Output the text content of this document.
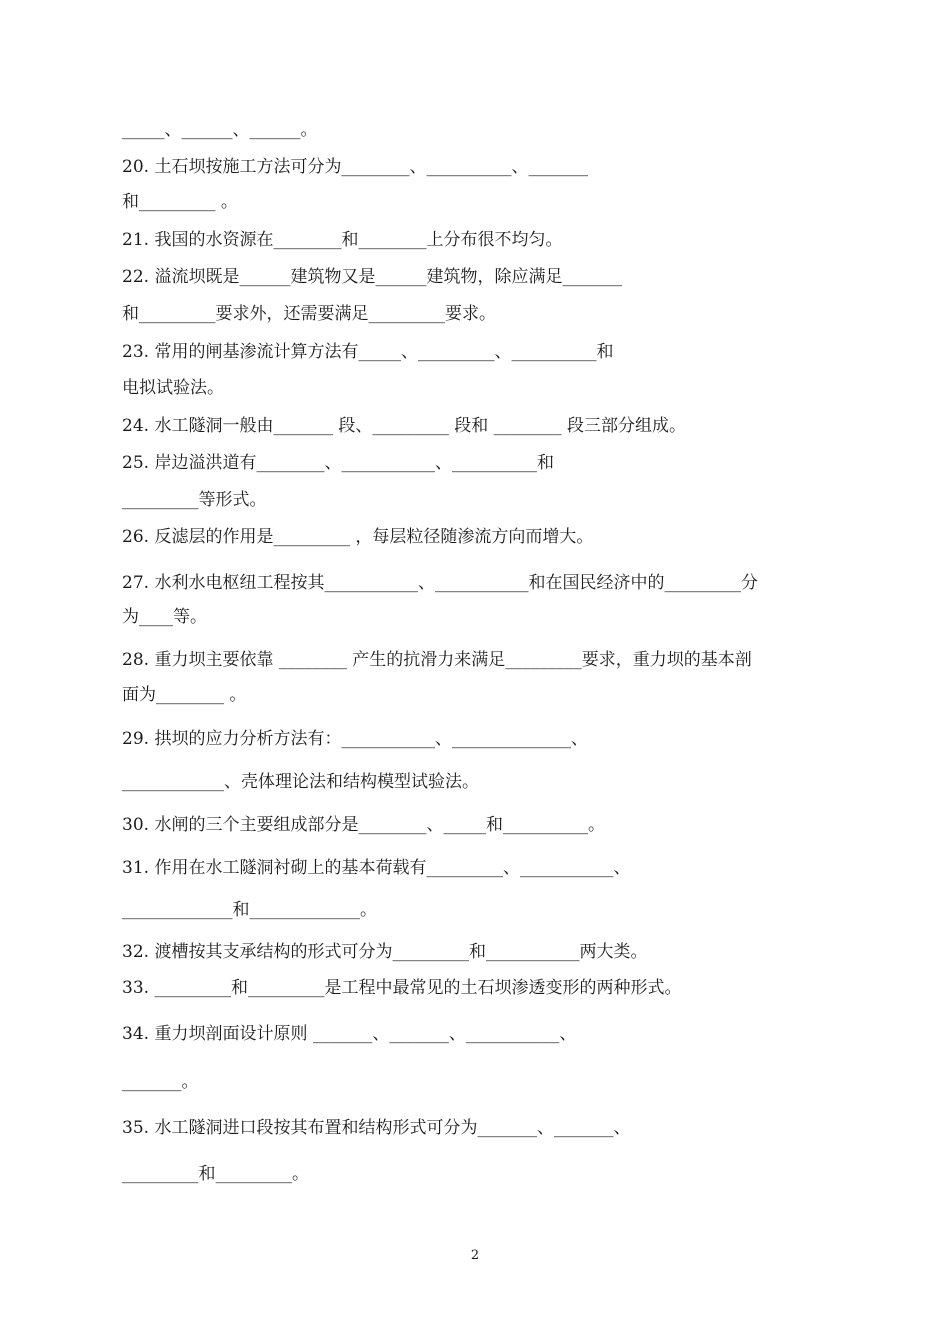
_____、______、______。
20. 土石坝按施工方法可分为________、__________、_______
和_________ 。
21. 我国的水资源在________和________上分布很不均匀。
22. 溢流坝既是______建筑物又是______建筑物，除应满足_______
和_________要求外，还需要满足_________要求。
23. 常用的闸基渗流计算方法有_____、_________、__________和
电拟试验法。
24. 水工隧洞一般由_______ 段、_________ 段和 ________ 段三部分组成。
25. 岸边溢洪道有________、___________、__________和
_________等形式。
26. 反滤层的作用是_________ ，每层粒径随渗流方向而增大。
27. 水利水电枢纽工程按其___________、___________和在国民经济中的_________分
为____等。
28. 重力坝主要依靠 ________ 产生的抗滑力来满足_________要求，重力坝的基本剖
面为________ 。
29. 拱坝的应力分析方法有：___________、______________、
____________、壳体理论法和结构模型试验法。
30. 水闸的三个主要组成部分是________、_____和__________。
31. 作用在水工隧洞衬砌上的基本荷载有_________、___________、
_____________和_____________。
32. 渡槽按其支承结构的形式可分为_________和___________两大类。
33. _________和_________是工程中最常见的土石坝渗透变形的两种形式。
34. 重力坝剖面设计原则 _______、_______、___________、
_______。
35. 水工隧洞进口段按其布置和结构形式可分为_______、_______、
_________和_________。
2
